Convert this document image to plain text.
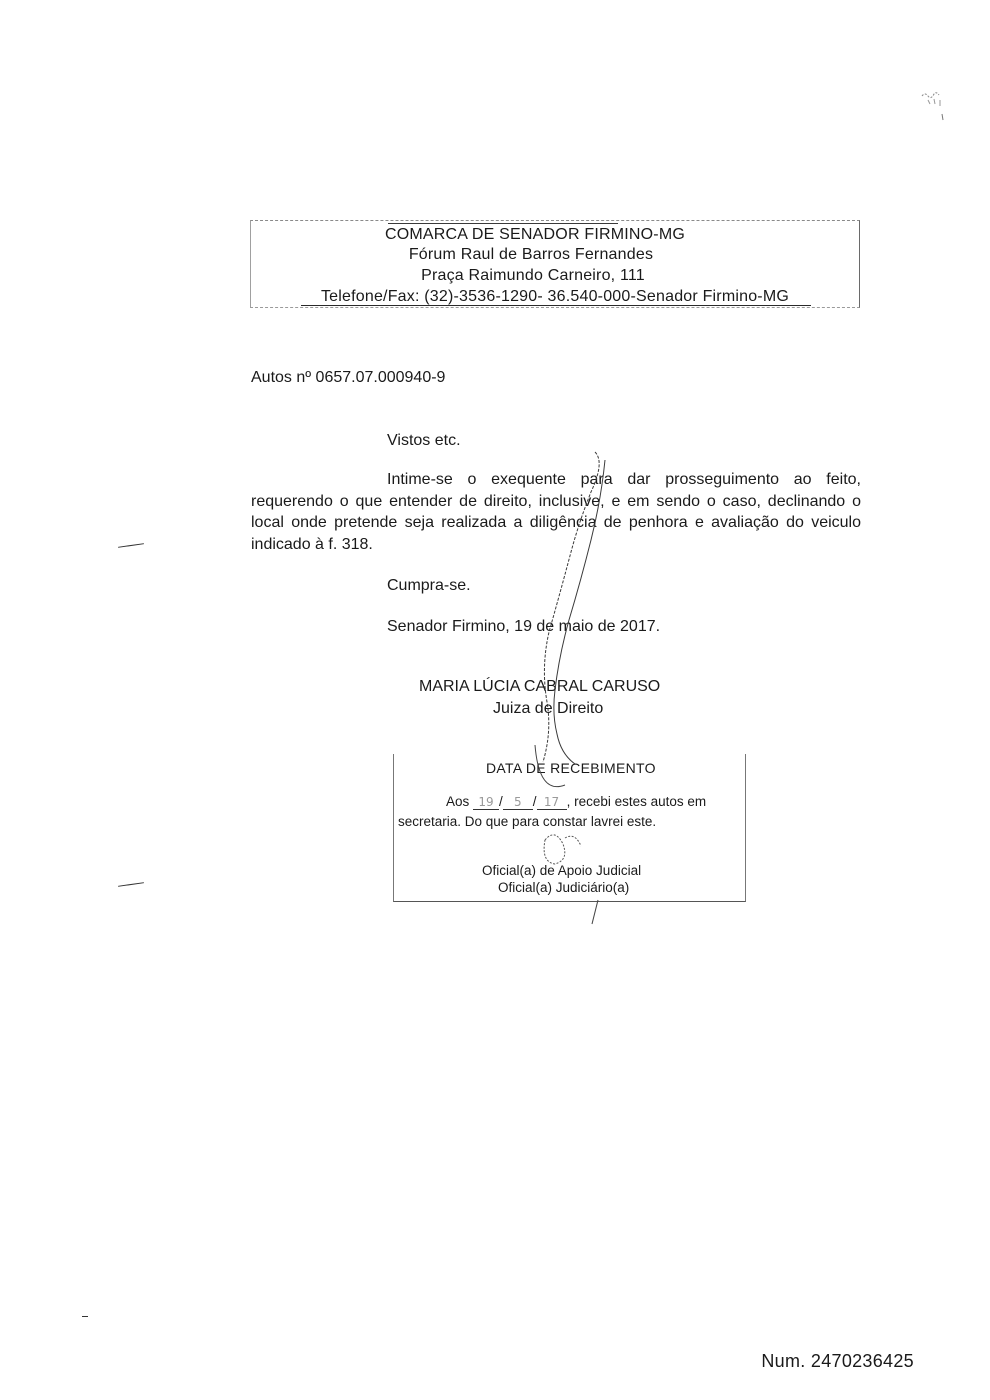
COMARCA DE SENADOR FIRMINO-MG
Fórum Raul de Barros Fernandes
Praça Raimundo Carneiro, 111
Telefone/Fax: (32)-3536-1290- 36.540-000-Senador Firmino-MG
Autos nº 0657.07.000940-9
Vistos etc.
Intime-se o exequente para dar prosseguimento ao feito, requerendo o que entender de direito, inclusive, e em sendo o caso, declinando o local onde pretende seja realizada a diligência de penhora e avaliação do veiculo indicado à f. 318.
Cumpra-se.
Senador Firmino, 19 de maio de 2017.
MARIA LÚCIA CABRAL CARUSO
Juiza de Direito
DATA DE RECEBIMENTO
Aos 19 / 5 / 17 , recebi estes autos em
secretaria. Do que para constar lavrei este.
Oficial(a) de Apoio Judicial
Oficial(a) Judiciário(a)
Num. 2470236425
